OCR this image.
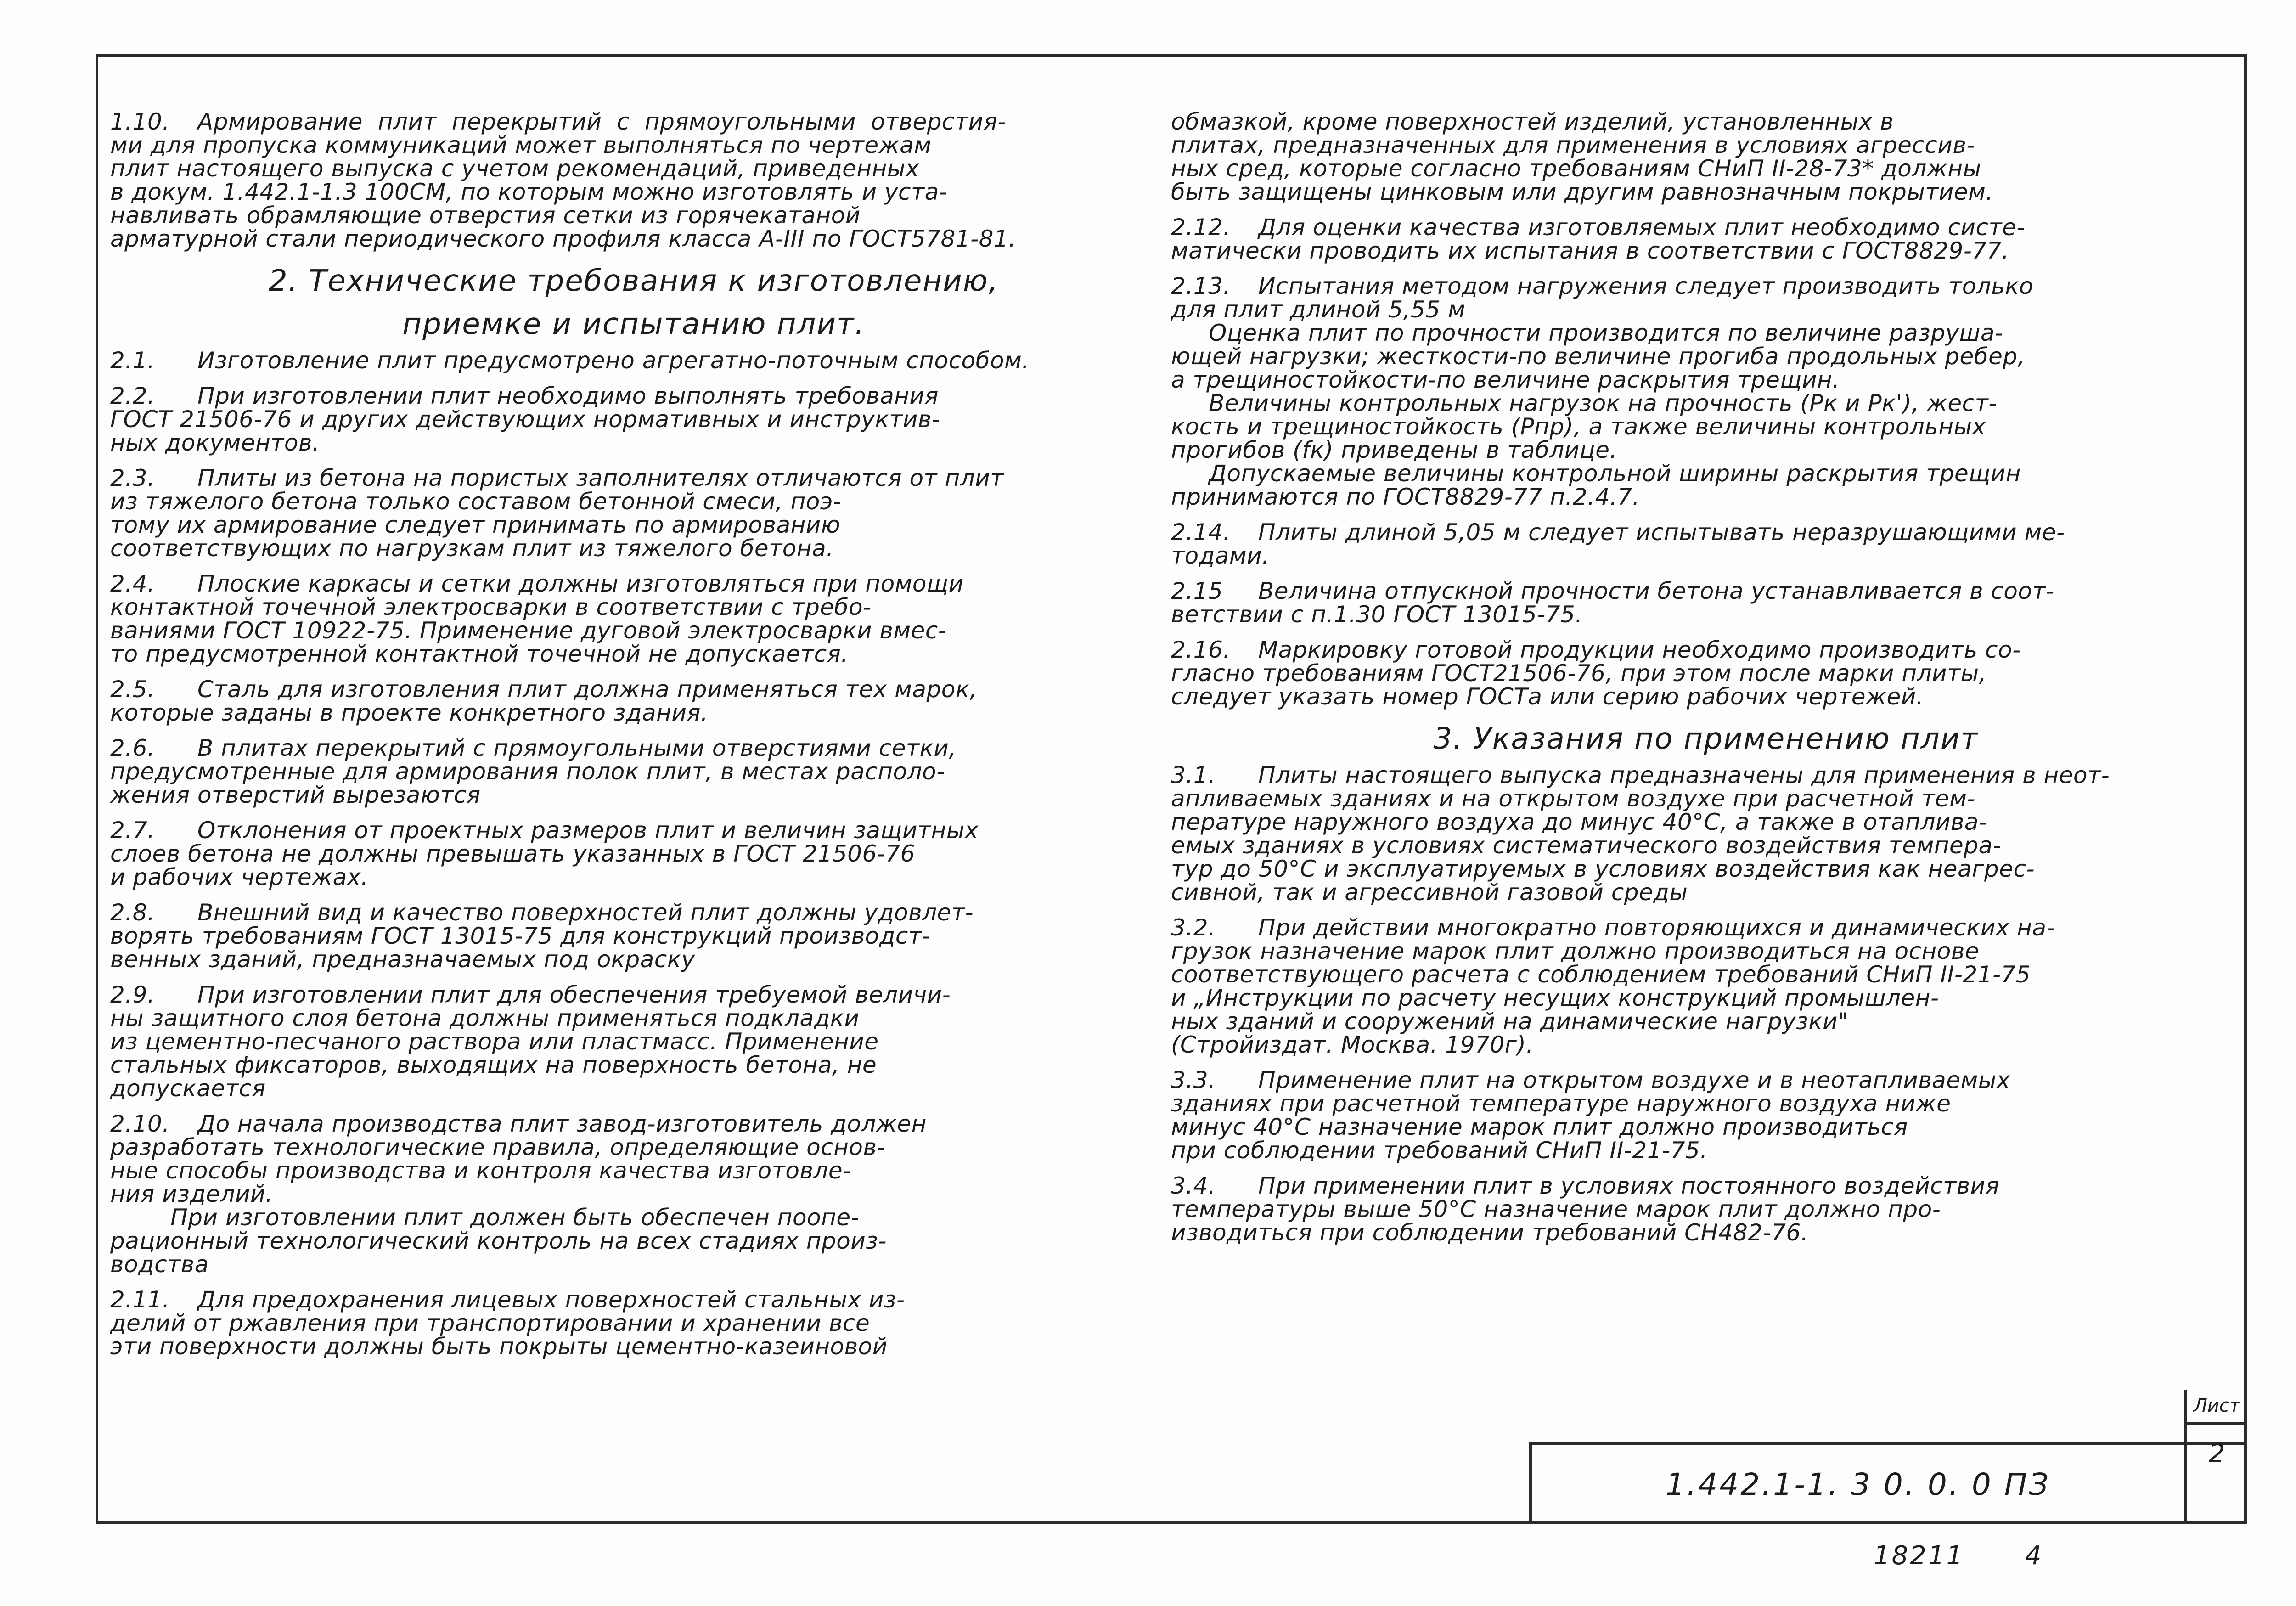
1.10. Армирование  плит  перекрытий  с  прямоугольными  отверстия-
ми для пропуска коммуникаций может выполняться по чертежам
плит настоящего выпуска с учетом рекомендаций, приведенных
в докум. 1.442.1-1.3 100СМ, по которым можно изготовлять и уста-
навливать обрамляющие отверстия сетки из горячекатаной
арматурной стали периодического профиля класса А-III по ГОСТ5781-81.
2. Технические требования к изготовлению,
приемке и испытанию плит.
2.1. Изготовление плит предусмотрено агрегатно-поточным способом.
2.2. При изготовлении плит необходимо выполнять требования
ГОСТ 21506-76 и других действующих нормативных и инструктив-
ных документов.
2.3. Плиты из бетона на пористых заполнителях отличаются от плит
из тяжелого бетона только составом бетонной смеси, поэ-
тому их армирование следует принимать по армированию
соответствующих по нагрузкам плит из тяжелого бетона.
2.4. Плоские каркасы и сетки должны изготовляться при помощи
контактной точечной электросварки в соответствии с требо-
ваниями ГОСТ 10922-75. Применение дуговой электросварки вмес-
то предусмотренной контактной точечной не допускается.
2.5. Сталь для изготовления плит должна применяться тех марок,
которые заданы в проекте конкретного здания.
2.6. В плитах перекрытий с прямоугольными отверстиями сетки,
предусмотренные для армирования полок плит, в местах располо-
жения отверстий вырезаются
2.7. Отклонения от проектных размеров плит и величин защитных
слоев бетона не должны превышать указанных в ГОСТ 21506-76
и рабочих чертежах.
2.8. Внешний вид и качество поверхностей плит должны удовлет-
ворять требованиям ГОСТ 13015-75 для конструкций производст-
венных зданий, предназначаемых под окраску
2.9. При изготовлении плит для обеспечения требуемой величи-
ны защитного слоя бетона должны применяться подкладки
из цементно-песчаного раствора или пластмасс. Применение
стальных фиксаторов, выходящих на поверхность бетона, не
допускается
2.10. До начала производства плит завод-изготовитель должен
разработать технологические правила, определяющие основ-
ные способы производства и контроля качества изготовле-
ния изделий.
При изготовлении плит должен быть обеспечен поопе-
рационный технологический контроль на всех стадиях произ-
водства
2.11. Для предохранения лицевых поверхностей стальных из-
делий от ржавления при транспортировании и хранении все
эти поверхности должны быть покрыты цементно-казеиновой
обмазкой, кроме поверхностей изделий, установленных в
плитах, предназначенных для применения в условиях агрессив-
ных сред, которые согласно требованиям СНиП II-28-73* должны
быть защищены цинковым или другим равнозначным покрытием.
2.12. Для оценки качества изготовляемых плит необходимо систе-
матически проводить их испытания в соответствии с ГОСТ8829-77.
2.13. Испытания методом нагружения следует производить только
для плит длиной 5,55 м
Оценка плит по прочности производится по величине разруша-
ющей нагрузки; жесткости-по величине прогиба продольных ребер,
а трещиностойкости-по величине раскрытия трещин.
Величины контрольных нагрузок на прочность (Pк и Pк'), жест-
кость и трещиностойкость (Pпр), а также величины контрольных
прогибов (fк) приведены в таблице.
Допускаемые величины контрольной ширины раскрытия трещин
принимаются по ГОСТ8829-77 п.2.4.7.
2.14. Плиты длиной 5,05 м следует испытывать неразрушающими ме-
тодами.
2.15 Величина отпускной прочности бетона устанавливается в соот-
ветствии с п.1.30 ГОСТ 13015-75.
2.16. Маркировку готовой продукции необходимо производить со-
гласно требованиям ГОСТ21506-76, при этом после марки плиты,
следует указать номер ГОСТа или серию рабочих чертежей.
3. Указания по применению плит
3.1. Плиты настоящего выпуска предназначены для применения в неот-
апливаемых зданиях и на открытом воздухе при расчетной тем-
пературе наружного воздуха до минус 40°С, а также в отаплива-
емых зданиях в условиях систематического воздействия темпера-
тур до 50°С и эксплуатируемых в условиях воздействия как неагрес-
сивной, так и агрессивной газовой среды
3.2. При действии многократно повторяющихся и динамических на-
грузок назначение марок плит должно производиться на основе
соответствующего расчета с соблюдением требований СНиП II-21-75
и „Инструкции по расчету несущих конструкций промышлен-
ных зданий и сооружений на динамические нагрузки"
(Стройиздат. Москва. 1970г).
3.3. Применение плит на открытом воздухе и в неотапливаемых
зданиях при расчетной температуре наружного воздуха ниже
минус 40°С назначение марок плит должно производиться
при соблюдении требований СНиП II-21-75.
3.4. При применении плит в условиях постоянного воздействия
температуры выше 50°С назначение марок плит должно про-
изводиться при соблюдении требований СН482-76.
1.442.1-1. 3 0. 0. 0 ПЗ
Лист
2
18211 4
